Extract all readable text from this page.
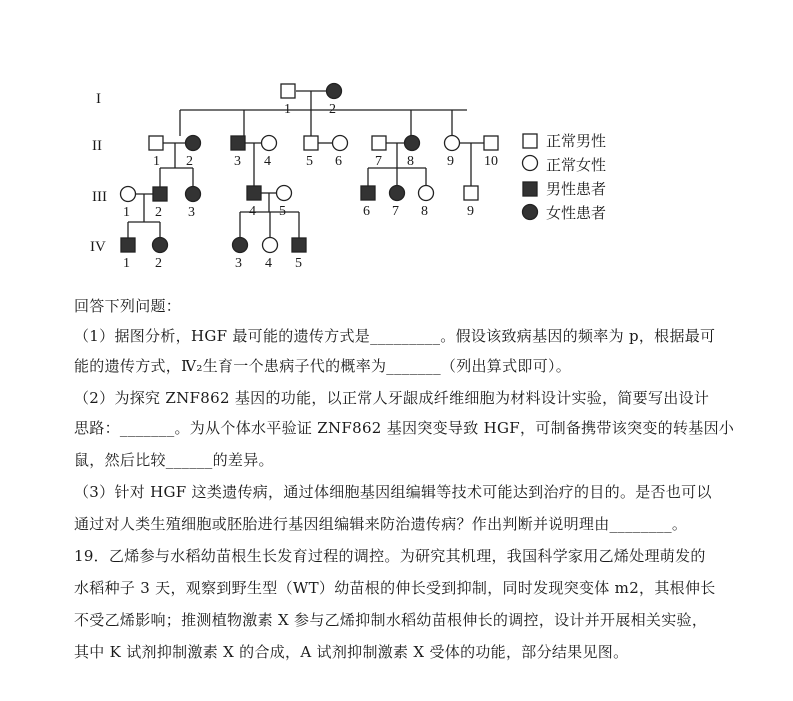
I
II
III
IV
1	2
1 2	3 4	5 6 7 8 9 10
1 2 3	4 5	6 7 8	9
1 2	3 4 5
正常男性
正常女性
男性患者
女性患者
回答下列问题：
（1）据图分析，HGF 最可能的遗传方式是_________。假设该致病基因的频率为 p，根据最可
能的遗传方式，Ⅳ₂生育一个患病子代的概率为_______（列出算式即可）。
（2）为探究 ZNF862 基因的功能，以正常人牙龈成纤维细胞为材料设计实验，简要写出设计
思路：_______。为从个体水平验证 ZNF862 基因突变导致 HGF，可制备携带该突变的转基因小
鼠，然后比较______的差异。
（3）针对 HGF 这类遗传病，通过体细胞基因组编辑等技术可能达到治疗的目的。是否也可以
通过对人类生殖细胞或胚胎进行基因组编辑来防治遗传病？作出判断并说明理由________。
19．乙烯参与水稻幼苗根生长发育过程的调控。为研究其机理，我国科学家用乙烯处理萌发的
水稻种子 3 天，观察到野生型（WT）幼苗根的伸长受到抑制，同时发现突变体 m2，其根伸长
不受乙烯影响；推测植物激素 X 参与乙烯抑制水稻幼苗根伸长的调控，设计并开展相关实验，
其中 K 试剂抑制激素 X 的合成，A 试剂抑制激素 X 受体的功能，部分结果见图。
